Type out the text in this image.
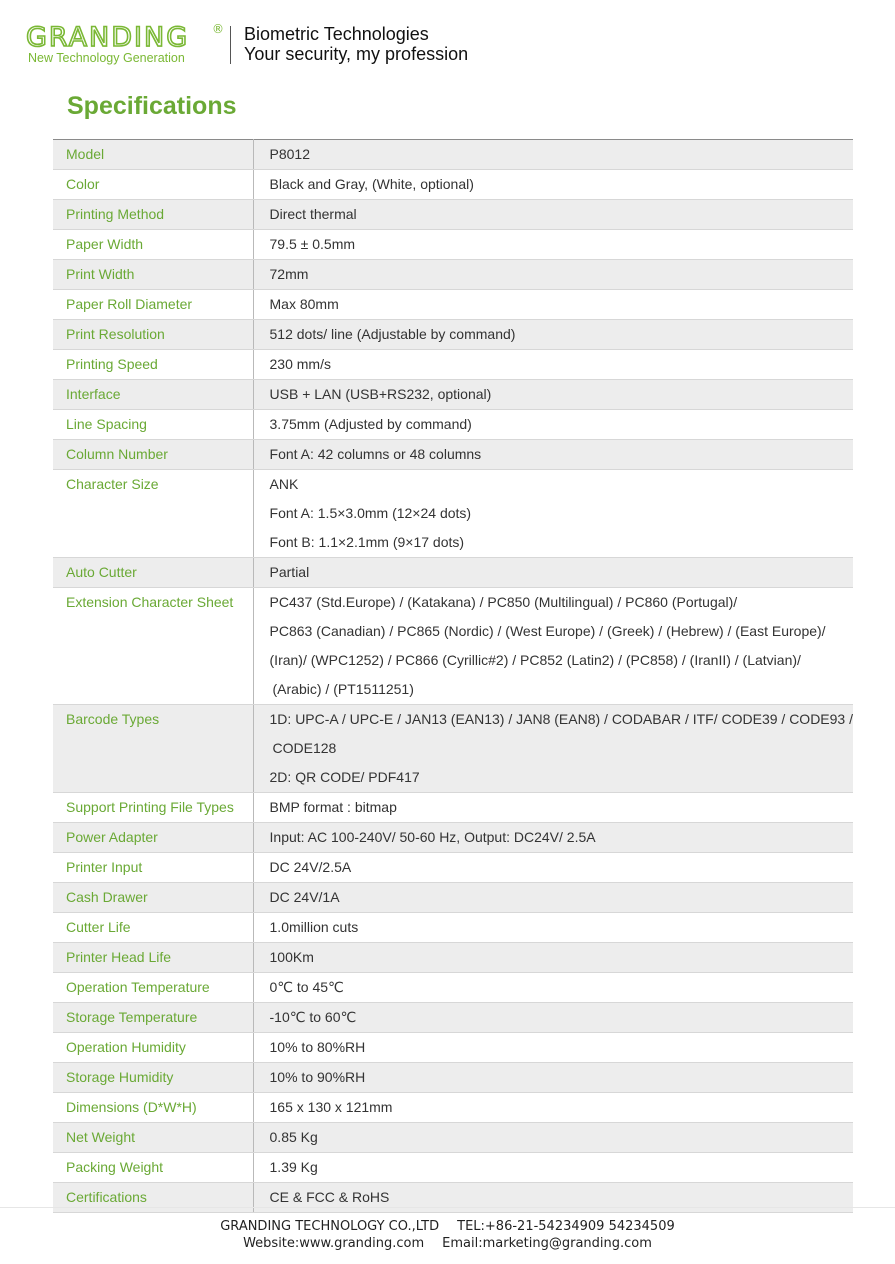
GRANDING ®
New Technology Generation
Biometric Technologies
Your security, my profession
Specifications
Model	P8012

Color	Black and Gray, (White, optional)

Printing Method	Direct thermal

Paper Width	79.5 ± 0.5mm

Print Width	72mm

Paper Roll Diameter	Max 80mm

Print Resolution	512 dots/ line (Adjustable by command)

Printing Speed	230 mm/s

Interface	USB + LAN (USB+RS232, optional)

Line Spacing	3.75mm (Adjusted by command)

Column Number	Font A: 42 columns or 48 columns

Character Size	ANK
Font A: 1.5×3.0mm (12×24 dots)
Font B: 1.1×2.1mm (9×17 dots)

Auto Cutter	Partial

Extension Character Sheet	PC437 (Std.Europe) / (Katakana) / PC850 (Multilingual) / PC860 (Portugal)/
PC863 (Canadian) / PC865 (Nordic) / (West Europe) / (Greek) / (Hebrew) / (East Europe)/
(Iran)/ (WPC1252) / PC866 (Cyrillic#2) / PC852 (Latin2) / (PC858) / (IranII) / (Latvian)/
(Arabic) / (PT1511251)

Barcode Types	1D: UPC-A / UPC-E / JAN13 (EAN13) / JAN8 (EAN8) / CODABAR / ITF/ CODE39 / CODE93 /
CODE128
2D: QR CODE/ PDF417

Support Printing File Types	BMP format : bitmap

Power Adapter	Input: AC 100-240V/ 50-60 Hz, Output: DC24V/ 2.5A

Printer Input	DC 24V/2.5A

Cash Drawer	DC 24V/1A

Cutter Life	1.0million cuts

Printer Head Life	100Km

Operation Temperature	0℃ to 45℃

Storage Temperature	-10℃ to 60℃

Operation Humidity	10% to 80%RH

Storage Humidity	10% to 90%RH

Dimensions (D*W*H)	165 x 130 x 121mm

Net Weight	0.85 Kg

Packing Weight	1.39 Kg

Certifications	CE & FCC & RoHS
GRANDING TECHNOLOGY CO.,LTD TEL:+86-21-54234909 54234509
Website:www.granding.com Email:marketing@granding.com
